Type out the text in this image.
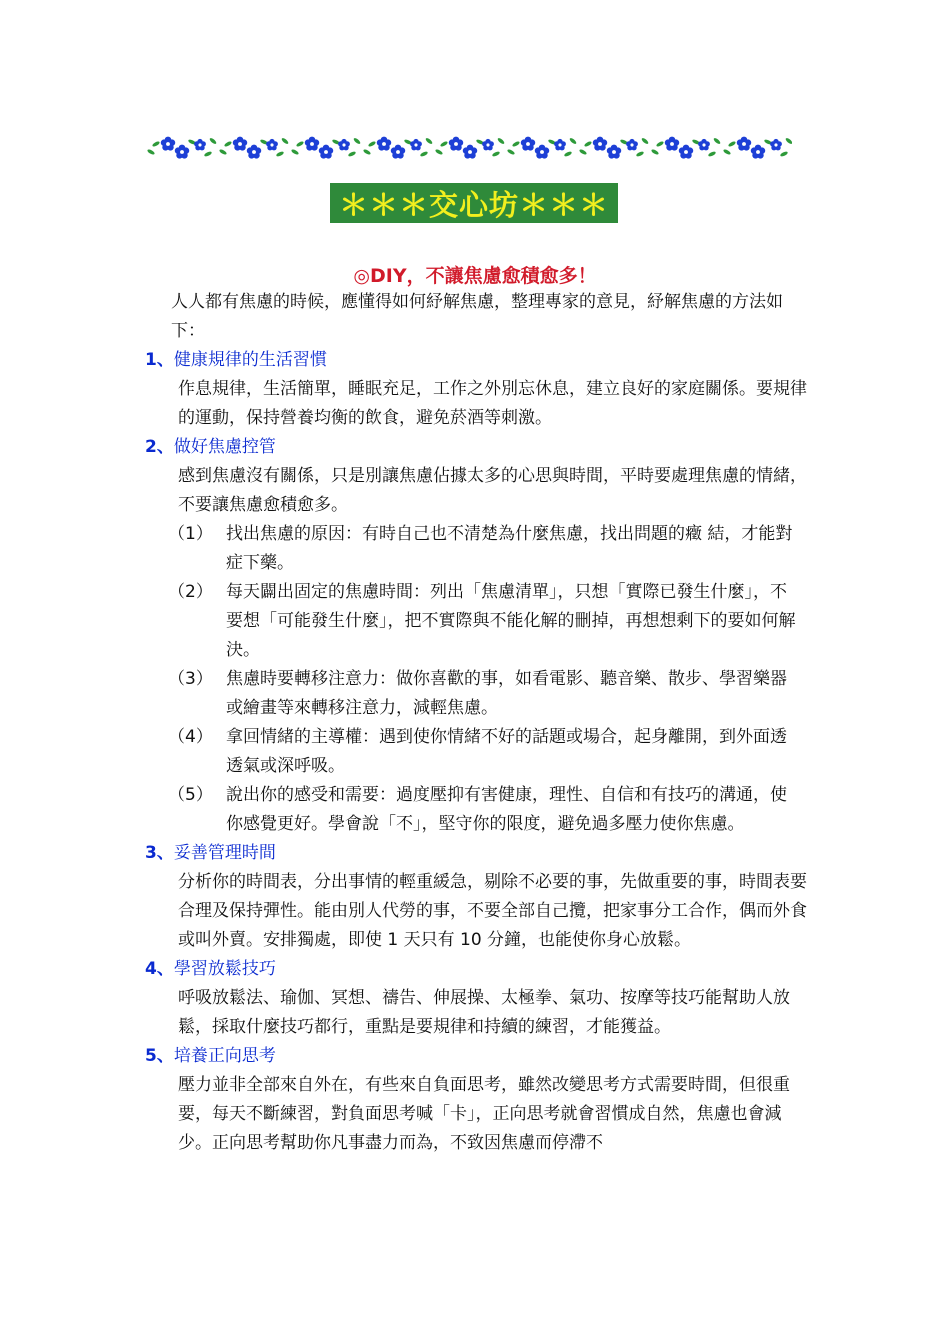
＊＊＊交心坊＊＊＊
◎DIY，不讓焦慮愈積愈多！

人人都有焦慮的時候，應懂得如何紓解焦慮，整理專家的意見，紓解焦慮的方法如下：

1、健康規律的生活習慣

作息規律，生活簡單，睡眠充足，工作之外別忘休息，建立良好的家庭關係。要規律的運動，保持營養均衡的飲食，避免菸酒等刺激。

2、做好焦慮控管

感到焦慮沒有關係，只是別讓焦慮佔據太多的心思與時間，平時要處理焦慮的情緒，不要讓焦慮愈積愈多。

（1） 找出焦慮的原因：有時自己也不清楚為什麼焦慮，找出問題的癥 結，才能對症下藥。
（2） 每天闢出固定的焦慮時間：列出「焦慮清單」，只想「實際已發生什麼」，不要想「可能發生什麼」，把不實際與不能化解的刪掉，再想想剩下的要如何解決。
（3） 焦慮時要轉移注意力：做你喜歡的事，如看電影、聽音樂、散步、學習樂器或繪畫等來轉移注意力，減輕焦慮。
（4） 拿回情緒的主導權：遇到使你情緒不好的話題或場合，起身離開，到外面透透氣或深呼吸。
（5） 說出你的感受和需要：過度壓抑有害健康，理性、自信和有技巧的溝通，使你感覺更好。學會說「不」，堅守你的限度，避免過多壓力使你焦慮。
3、妥善管理時間

分析你的時間表，分出事情的輕重緩急，剔除不必要的事，先做重要的事，時間表要合理及保持彈性。能由別人代勞的事，不要全部自己攬，把家事分工合作，偶而外食或叫外賣。安排獨處，即使 1 天只有 10 分鐘，也能使你身心放鬆。

4、學習放鬆技巧

呼吸放鬆法、瑜伽、冥想、禱告、伸展操、太極拳、氣功、按摩等技巧能幫助人放鬆，採取什麼技巧都行，重點是要規律和持續的練習，才能獲益。

5、培養正向思考

壓力並非全部來自外在，有些來自負面思考，雖然改變思考方式需要時間，但很重要，每天不斷練習，對負面思考喊「卡」，正向思考就會習慣成自然，焦慮也會減少。正向思考幫助你凡事盡力而為，不致因焦慮而停滯不
